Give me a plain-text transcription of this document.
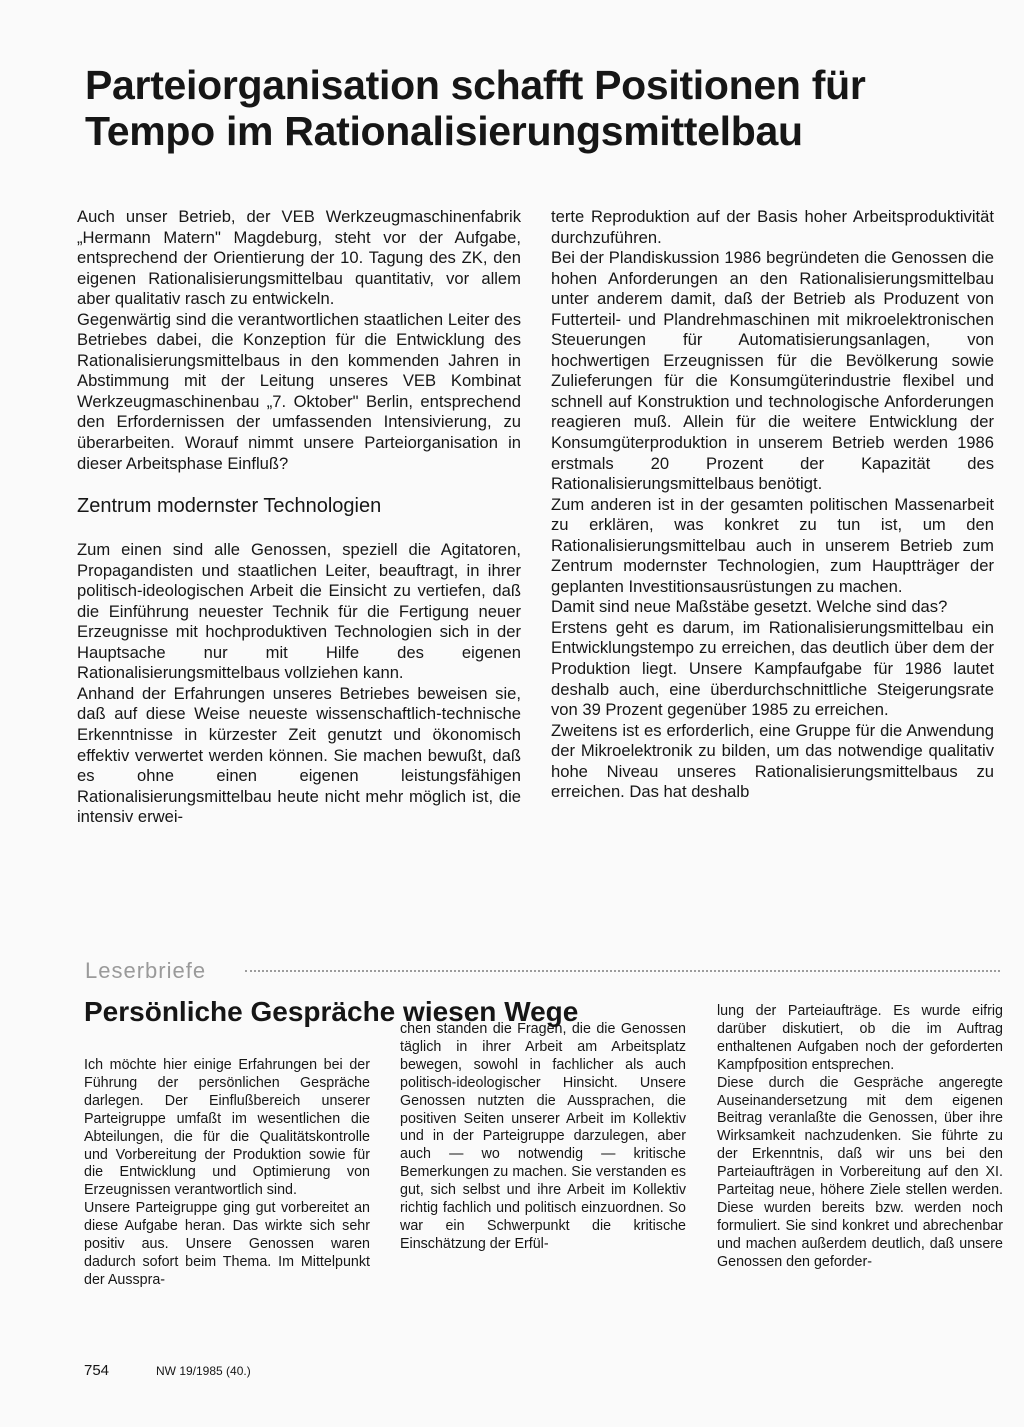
Parteiorganisation schafft Positionen für Tempo im Rationalisierungsmittelbau

Auch unser Betrieb, der VEB Werkzeugmaschinenfabrik „Hermann Matern" Magdeburg, steht vor der Aufgabe, entsprechend der Orientierung der 10. Tagung des ZK, den eigenen Rationalisierungsmittelbau quantitativ, vor allem aber qualitativ rasch zu entwickeln.

Gegenwärtig sind die verantwortlichen staatlichen Leiter des Betriebes dabei, die Konzeption für die Entwicklung des Rationalisierungsmittelbaus in den kommenden Jahren in Abstimmung mit der Leitung unseres VEB Kombinat Werkzeugmaschinenbau „7. Oktober" Berlin, entsprechend den Erfordernissen der umfassenden Intensivierung, zu überarbeiten. Worauf nimmt unsere Parteiorganisation in dieser Arbeitsphase Einfluß?

Zentrum modernster Technologien

Zum einen sind alle Genossen, speziell die Agitatoren, Propagandisten und staatlichen Leiter, beauftragt, in ihrer politisch-ideologischen Arbeit die Einsicht zu vertiefen, daß die Einführung neuester Technik für die Fertigung neuer Erzeugnisse mit hochproduktiven Technologien sich in der Hauptsache nur mit Hilfe des eigenen Rationalisierungsmittelbaus vollziehen kann.

Anhand der Erfahrungen unseres Betriebes beweisen sie, daß auf diese Weise neueste wissenschaftlich-technische Erkenntnisse in kürzester Zeit genutzt und ökonomisch effektiv verwertet werden können. Sie machen bewußt, daß es ohne einen eigenen leistungsfähigen Rationalisierungsmittelbau heute nicht mehr möglich ist, die intensiv erwei-

terte Reproduktion auf der Basis hoher Arbeitsproduktivität durchzuführen.

Bei der Plandiskussion 1986 begründeten die Genossen die hohen Anforderungen an den Rationalisierungsmittelbau unter anderem damit, daß der Betrieb als Produzent von Futterteil- und Plandrehmaschinen mit mikroelektronischen Steuerungen für Automatisierungsanlagen, von hochwertigen Erzeugnissen für die Bevölkerung sowie Zulieferungen für die Konsumgüterindustrie flexibel und schnell auf Konstruktion und technologische Anforderungen reagieren muß. Allein für die weitere Entwicklung der Konsumgüterproduktion in unserem Betrieb werden 1986 erstmals 20 Prozent der Kapazität des Rationalisierungsmittelbaus benötigt.

Zum anderen ist in der gesamten politischen Massenarbeit zu erklären, was konkret zu tun ist, um den Rationalisierungsmittelbau auch in unserem Betrieb zum Zentrum modernster Technologien, zum Hauptträger der geplanten Investitionsausrüstungen zu machen.

Damit sind neue Maßstäbe gesetzt. Welche sind das?

Erstens geht es darum, im Rationalisierungsmittelbau ein Entwicklungstempo zu erreichen, das deutlich über dem der Produktion liegt. Unsere Kampfaufgabe für 1986 lautet deshalb auch, eine überdurchschnittliche Steigerungsrate von 39 Prozent gegenüber 1985 zu erreichen.

Zweitens ist es erforderlich, eine Gruppe für die Anwendung der Mikroelektronik zu bilden, um das notwendige qualitativ hohe Niveau unseres Rationalisierungsmittelbaus zu erreichen. Das hat deshalb

Leserbriefe
Persönliche Gespräche wiesen Wege

Ich möchte hier einige Erfahrungen bei der Führung der persönlichen Gespräche darlegen. Der Einflußbereich unserer Parteigruppe umfaßt im wesentlichen die Abteilungen, die für die Qualitätskontrolle und Vorbereitung der Produktion sowie für die Entwicklung und Optimierung von Erzeugnissen verantwortlich sind.

Unsere Parteigruppe ging gut vorbereitet an diese Aufgabe heran. Das wirkte sich sehr positiv aus. Unsere Genossen waren dadurch sofort beim Thema. Im Mittelpunkt der Ausspra-

chen standen die Fragen, die die Genossen täglich in ihrer Arbeit am Arbeitsplatz bewegen, sowohl in fachlicher als auch politisch-ideologischer Hinsicht. Unsere Genossen nutzten die Aussprachen, die positiven Seiten unserer Arbeit im Kollektiv und in der Parteigruppe darzulegen, aber auch — wo notwendig — kritische Bemerkungen zu machen. Sie verstanden es gut, sich selbst und ihre Arbeit im Kollektiv richtig fachlich und politisch einzuordnen. So war ein Schwerpunkt die kritische Einschätzung der Erfül-

lung der Parteiaufträge. Es wurde eifrig darüber diskutiert, ob die im Auftrag enthaltenen Aufgaben noch der geforderten Kampfposition entsprechen.

Diese durch die Gespräche angeregte Auseinandersetzung mit dem eigenen Beitrag veranlaßte die Genossen, über ihre Wirksamkeit nachzudenken. Sie führte zu der Erkenntnis, daß wir uns bei den Parteiaufträgen in Vorbereitung auf den XI. Parteitag neue, höhere Ziele stellen werden. Diese wurden bereits bzw. werden noch formuliert. Sie sind konkret und abrechenbar und machen außerdem deutlich, daß unsere Genossen den geforder-

754	NW 19/1985 (40.)
